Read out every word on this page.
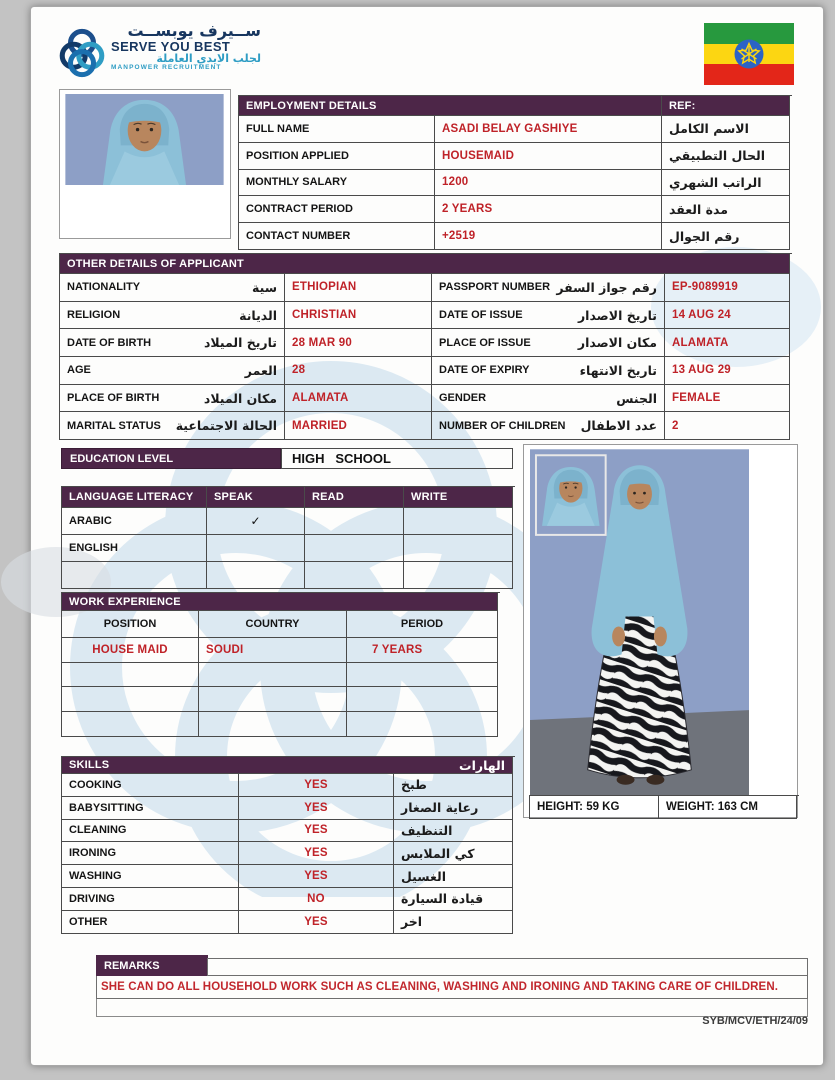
ســيرف يوبســت
SERVE YOU BEST
لجلب الايدي العاملة
MANPOWER RECRUITMENT
EMPLOYMENT DETAILS	REF:
FULL NAME	ASADI BELAY GASHIYE	الاسم الكامل
POSITION APPLIED	HOUSEMAID	الحال التطبيقي
MONTHLY SALARY	1200	الراتب الشهري
CONTRACT PERIOD	2 YEARS	مدة العقد
CONTACT NUMBER	+2519	رقم الجوال
OTHER DETAILS OF APPLICANT
NATIONALITY	سية	ETHIOPIAN	PASSPORT NUMBER رقم جواز السفر	EP-9089919
RELIGION	الديانة	CHRISTIAN	DATE OF ISSUE	تاريخ الاصدار	14 AUG 24
DATE OF BIRTH	تاريخ الميلاد	28 MAR 90	PLACE OF ISSUE	مكان الاصدار	ALAMATA
AGE	العمر	28	DATE OF EXPIRY	تاريخ الانتهاء	13 AUG 29
PLACE OF BIRTH	مكان الميلاد	ALAMATA	GENDER	الجنس	FEMALE
MARITAL STATUS الحالة الاجتماعية	MARRIED	NUMBER OF CHILDREN عدد الاطفال	2
EDUCATION LEVEL	HIGH   SCHOOL
LANGUAGE LITERACY	SPEAK	READ	WRITE
ARABIC	✓
ENGLISH
WORK EXPERIENCE
POSITION	COUNTRY	PERIOD
HOUSE MAID	SOUDI	7 YEARS
SKILLS	الهارات
COOKING	YES	طبخ
BABYSITTING	YES	رعاية الصغار
CLEANING	YES	التنظيف
IRONING	YES	كي الملابس
WASHING	YES	الغسيل
DRIVING	NO	قيادة السيارة
OTHER	YES	اخر
HEIGHT: 59 KG	WEIGHT: 163 CM
REMARKS
SHE CAN DO ALL HOUSEHOLD WORK SUCH AS CLEANING, WASHING AND IRONING AND TAKING CARE OF CHILDREN.
SYB/MCV/ETH/24/09
